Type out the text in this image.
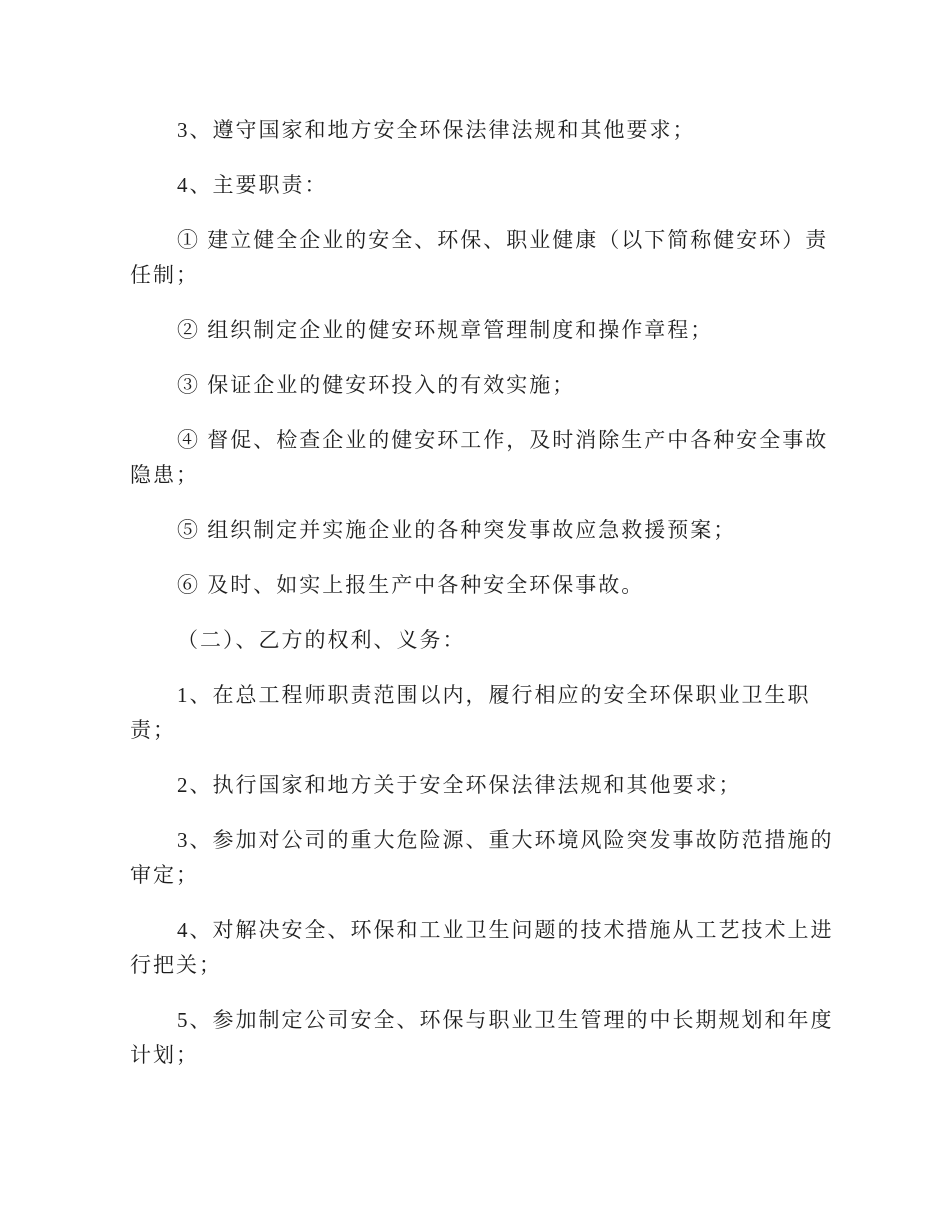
3、遵守国家和地方安全环保法律法规和其他要求；

4、主要职责：

① 建立健全企业的安全、环保、职业健康（以下简称健安环）责
任制；

② 组织制定企业的健安环规章管理制度和操作章程；

③ 保证企业的健安环投入的有效实施；

④ 督促、检查企业的健安环工作，及时消除生产中各种安全事故
隐患；

⑤ 组织制定并实施企业的各种突发事故应急救援预案；

⑥ 及时、如实上报生产中各种安全环保事故。

（二）、乙方的权利、义务：

1、在总工程师职责范围以内，履行相应的安全环保职业卫生职
责；

2、执行国家和地方关于安全环保法律法规和其他要求；

3、参加对公司的重大危险源、重大环境风险突发事故防范措施的
审定；

4、对解决安全、环保和工业卫生问题的技术措施从工艺技术上进
行把关；

5、参加制定公司安全、环保与职业卫生管理的中长期规划和年度
计划；
